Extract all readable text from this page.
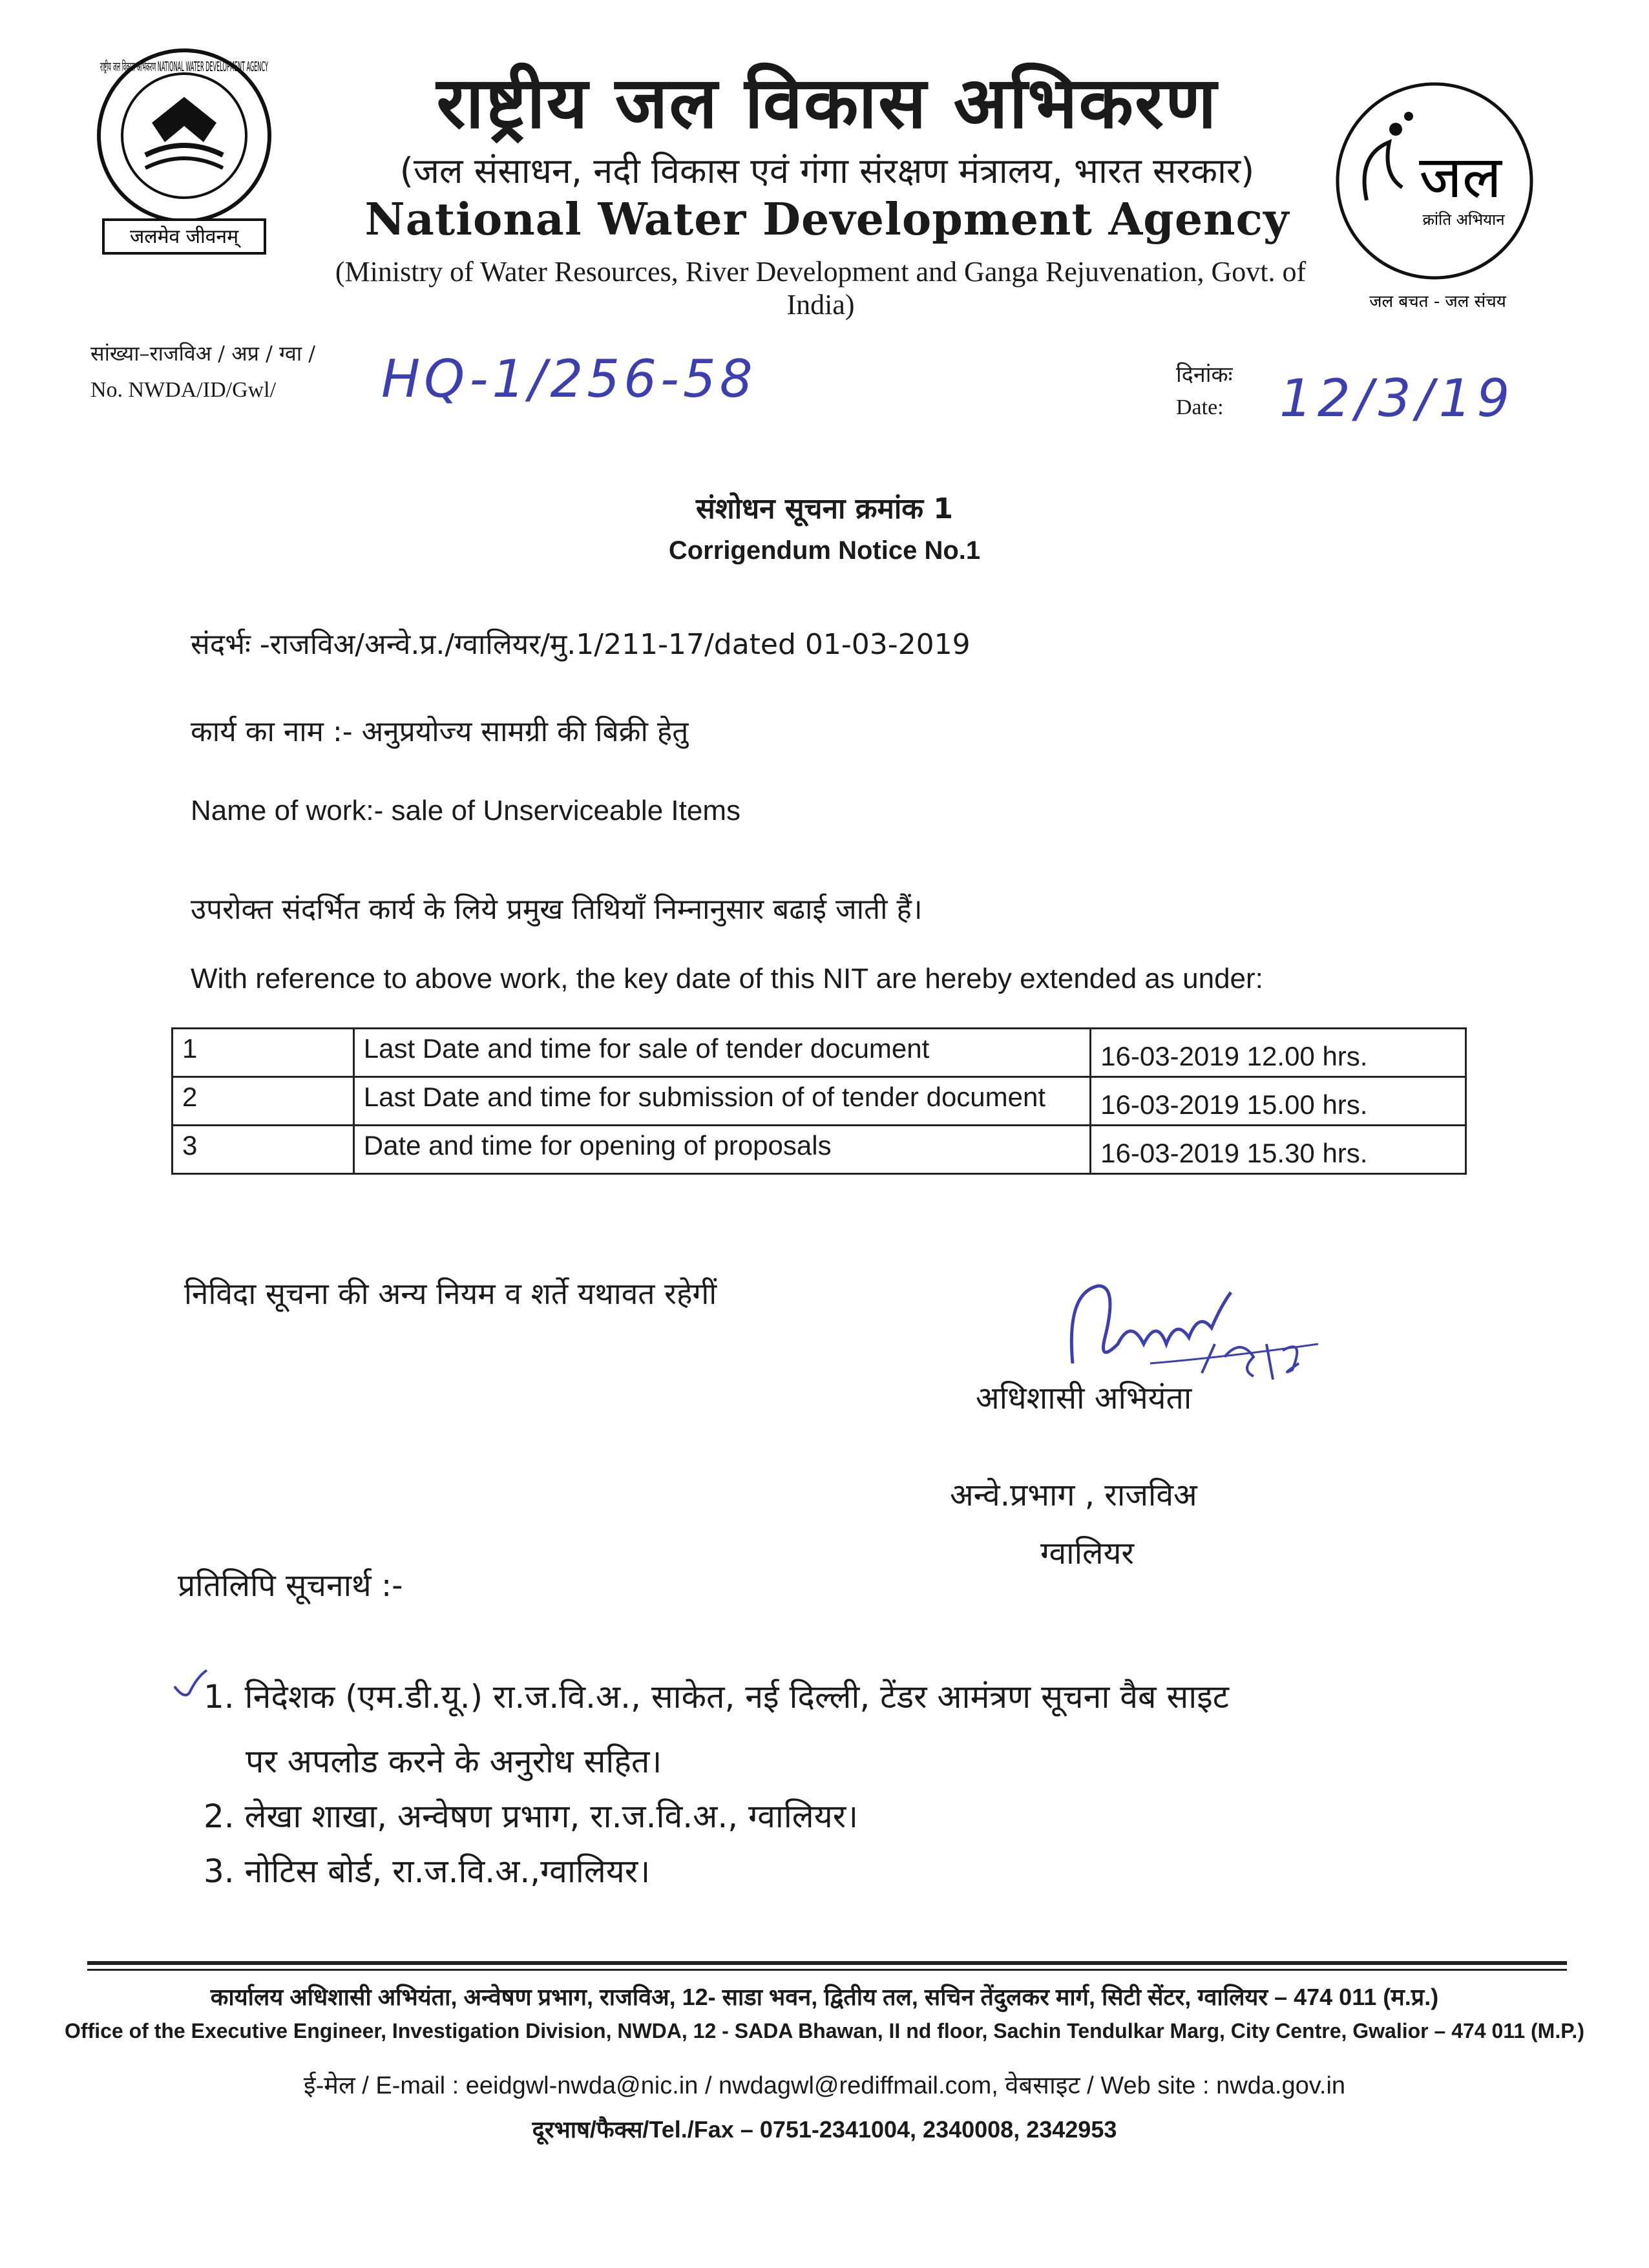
राष्ट्रीय जल विकास अभिकरण NATIONAL WATER DEVELOPMENT AGENCY
जलमेव जीवनम्
राष्ट्रीय जल विकास अभिकरण
(जल संसाधन, नदी विकास एवं गंगा संरक्षण मंत्रालय, भारत सरकार)
National Water Development Agency
(Ministry of Water Resources, River Development and Ganga Rejuvenation, Govt. of India)
जल
क्रांति अभियान
जल बचत - जल संचय
सांख्या–राजविअ / अप्र / ग्वा /
No. NWDA/ID/Gwl/ HQ-1/256-58	दिनांकः
Date: 12/3/19
संशोधन सूचना क्रमांक 1
Corrigendum Notice No.1
संदर्भः -राजविअ/अन्वे.प्र./ग्वालियर/मु.1/211-17/dated 01-03-2019
कार्य का नाम :- अनुप्रयोज्य सामग्री की बिक्री हेतु
Name of work:- sale of Unserviceable Items
उपरोक्त संदर्भित कार्य के लिये प्रमुख तिथियाँ निम्नानुसार बढाई जाती हैं।
With reference to above work, the key date of this NIT are hereby extended as under:
1	Last Date and time for sale of tender document	16-03-2019 12.00 hrs.
2	Last Date and time for submission of of tender document	16-03-2019 15.00 hrs.
3	Date and time for opening of proposals	16-03-2019 15.30 hrs.
निविदा सूचना की अन्य नियम व शर्ते यथावत रहेगीं
अधिशासी अभियंता
अन्वे.प्रभाग , राजविअ
ग्वालियर
प्रतिलिपि सूचनार्थ :-
1. निदेशक (एम.डी.यू.) रा.ज.वि.अ., साकेत, नई दिल्ली, टेंडर आमंत्रण सूचना वैब साइट
पर अपलोड करने के अनुरोध सहित।
2. लेखा शाखा, अन्वेषण प्रभाग, रा.ज.वि.अ., ग्वालियर।
3. नोटिस बोर्ड, रा.ज.वि.अ.,ग्वालियर।
कार्यालय अधिशासी अभियंता, अन्वेषण प्रभाग, राजविअ, 12- साडा भवन, द्वितीय तल, सचिन तेंदुलकर मार्ग, सिटी सेंटर, ग्वालियर – 474 011 (म.प्र.)
Office of the Executive Engineer, Investigation Division, NWDA, 12 - SADA Bhawan, II nd floor, Sachin Tendulkar Marg, City Centre, Gwalior – 474 011 (M.P.)
ई-मेल / E-mail : eeidgwl-nwda@nic.in / nwdagwl@rediffmail.com, वेबसाइट / Web site : nwda.gov.in
दूरभाष/फैक्स/Tel./Fax – 0751-2341004, 2340008, 2342953
